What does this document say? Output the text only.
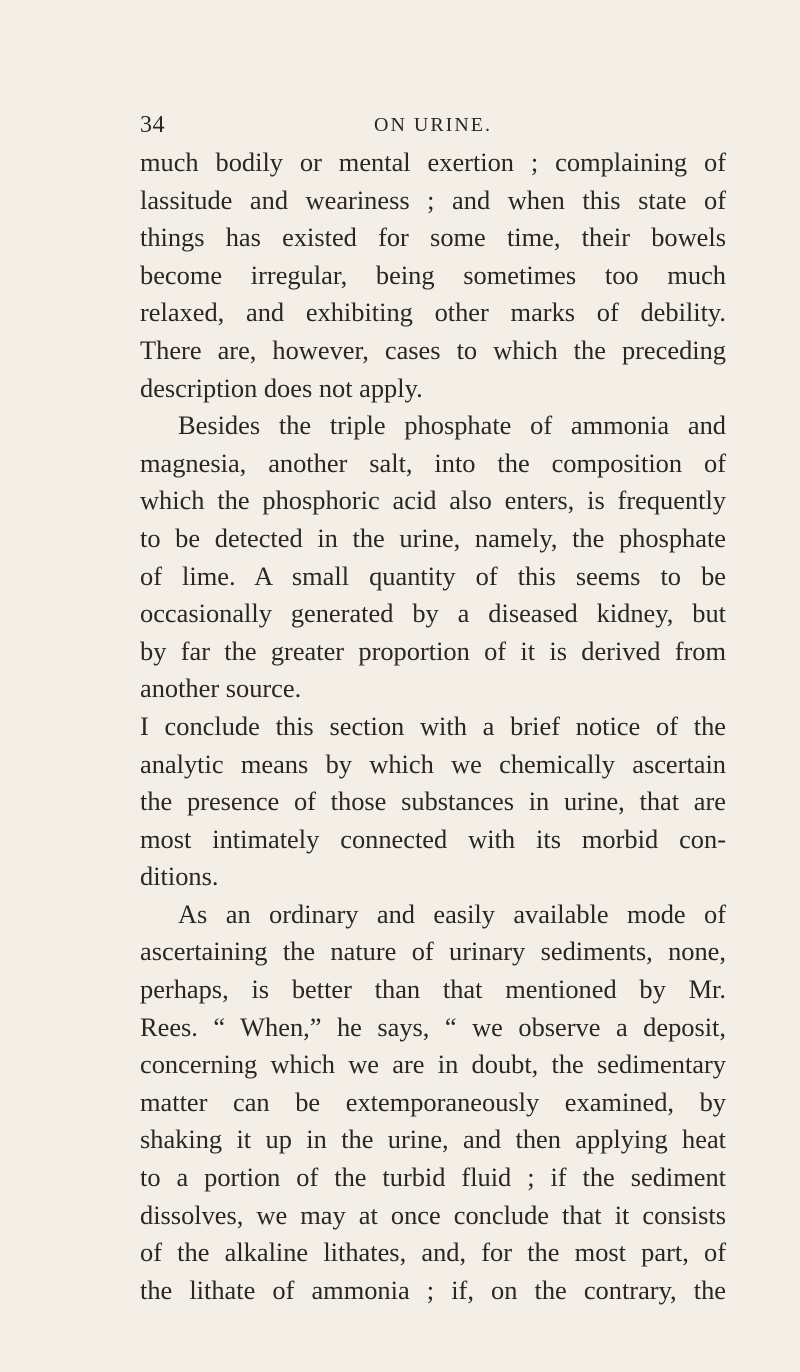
34	ON URINE.
much bodily or mental exertion ; complaining of
lassitude and weariness ; and when this state of
things has existed for some time, their bowels
become irregular, being sometimes too much
relaxed, and exhibiting other marks of debility.
There are, however, cases to which the preceding
description does not apply.
Besides the triple phosphate of ammonia and
magnesia, another salt, into the composition of
which the phosphoric acid also enters, is frequently
to be detected in the urine, namely, the phosphate
of lime. A small quantity of this seems to be
occasionally generated by a diseased kidney, but
by far the greater proportion of it is derived from
another source.
I conclude this section with a brief notice of the
analytic means by which we chemically ascertain
the presence of those substances in urine, that are
most intimately connected with its morbid con-
ditions.
As an ordinary and easily available mode of
ascertaining the nature of urinary sediments, none,
perhaps, is better than that mentioned by Mr.
Rees. “ When,” he says, “ we observe a deposit,
concerning which we are in doubt, the sedimentary
matter can be extemporaneously examined, by
shaking it up in the urine, and then applying heat
to a portion of the turbid fluid ; if the sediment
dissolves, we may at once conclude that it consists
of the alkaline lithates, and, for the most part, of
the lithate of ammonia ; if, on the contrary, the
